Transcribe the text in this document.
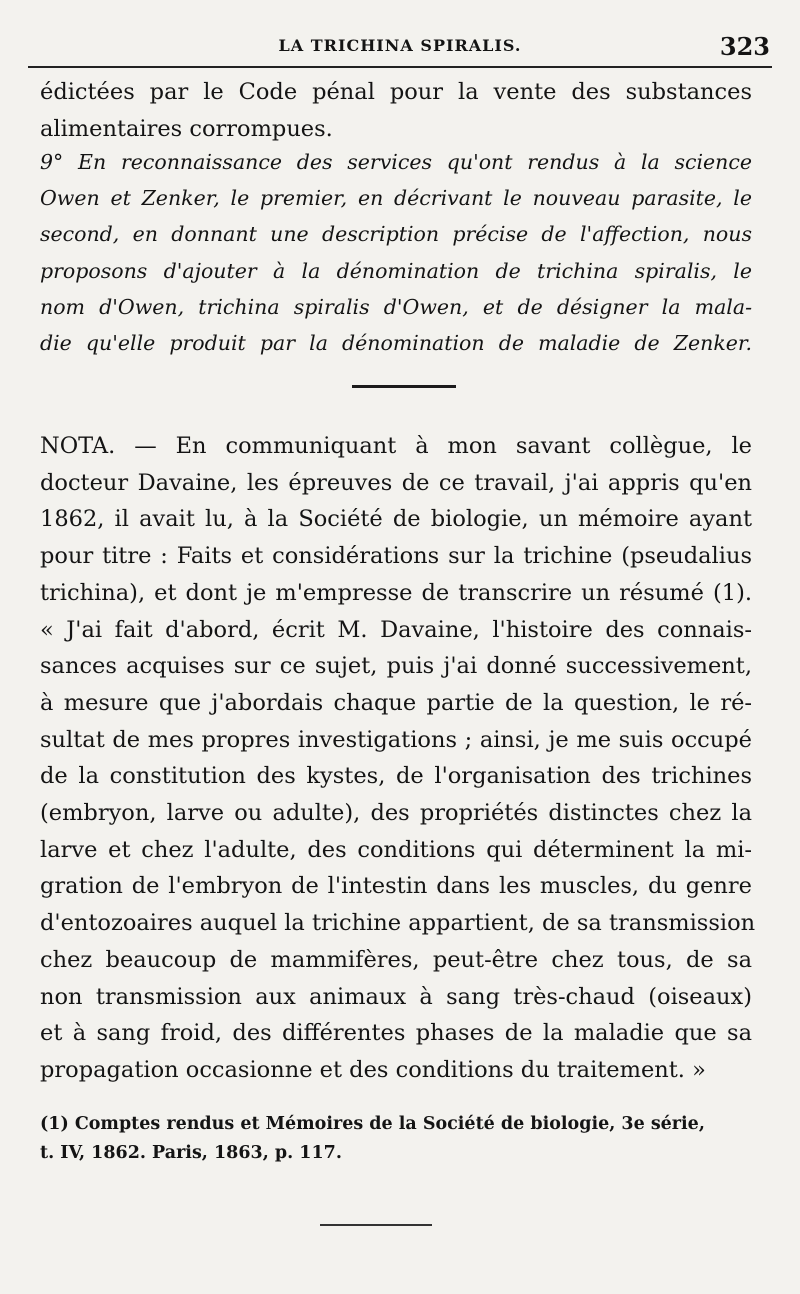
LA TRICHINA SPIRALIS.	323
édictées par le Code pénal pour la vente des substances
alimentaires corrompues.
9° En reconnaissance des services qu'ont rendus à la science
Owen et Zenker, le premier, en décrivant le nouveau parasite, le
second, en donnant une description précise de l'affection, nous
proposons d'ajouter à la dénomination de trichina spiralis, le
nom d'Owen, trichina spiralis d'Owen, et de désigner la mala-
die qu'elle produit par la dénomination de maladie de Zenker.
NOTA. — En communiquant à mon savant collègue, le
docteur Davaine, les épreuves de ce travail, j'ai appris qu'en
1862, il avait lu, à la Société de biologie, un mémoire ayant
pour titre : Faits et considérations sur la trichine (pseudalius
trichina), et dont je m'empresse de transcrire un résumé (1).
« J'ai fait d'abord, écrit M. Davaine, l'histoire des connais-
sances acquises sur ce sujet, puis j'ai donné successivement,
à mesure que j'abordais chaque partie de la question, le ré-
sultat de mes propres investigations ; ainsi, je me suis occupé
de la constitution des kystes, de l'organisation des trichines
(embryon, larve ou adulte), des propriétés distinctes chez la
larve et chez l'adulte, des conditions qui déterminent la mi-
gration de l'embryon de l'intestin dans les muscles, du genre
d'entozoaires auquel la trichine appartient, de sa transmission
chez beaucoup de mammifères, peut-être chez tous, de sa
non transmission aux animaux à sang très-chaud (oiseaux)
et à sang froid, des différentes phases de la maladie que sa
propagation occasionne et des conditions du traitement. »
(1) Comptes rendus et Mémoires de la Société de biologie, 3e série,
t. IV, 1862. Paris, 1863, p. 117.
